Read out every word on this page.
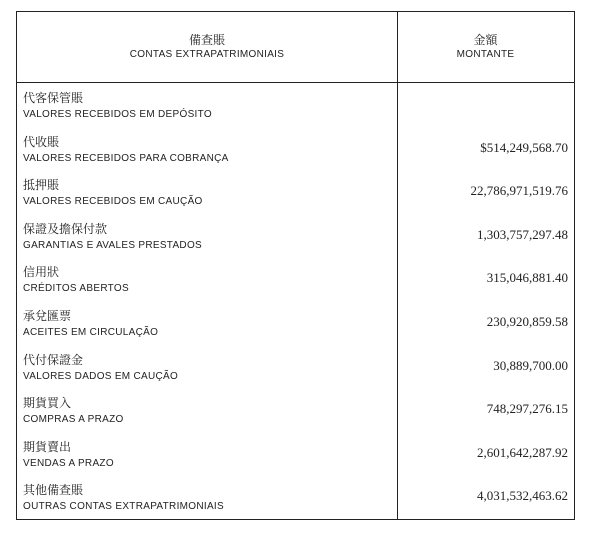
備查賬
CONTAS EXTRAPATRIMONIAIS
金額
MONTANTE
代客保管賬
VALORES RECEBIDOS EM DEPÓSITO
代收賬
VALORES RECEBIDOS PARA COBRANÇA
$514,249,568.70
抵押賬
VALORES RECEBIDOS EM CAUÇÃO
22,786,971,519.76
保證及擔保付款
GARANTIAS E AVALES PRESTADOS
1,303,757,297.48
信用狀
CRÉDITOS ABERTOS
315,046,881.40
承兌匯票
ACEITES EM CIRCULAÇÃO
230,920,859.58
代付保證金
VALORES DADOS EM CAUÇÃO
30,889,700.00
期貨買入
COMPRAS A PRAZO
748,297,276.15
期貨賣出
VENDAS A PRAZO
2,601,642,287.92
其他備查賬
OUTRAS CONTAS EXTRAPATRIMONIAIS
4,031,532,463.62
